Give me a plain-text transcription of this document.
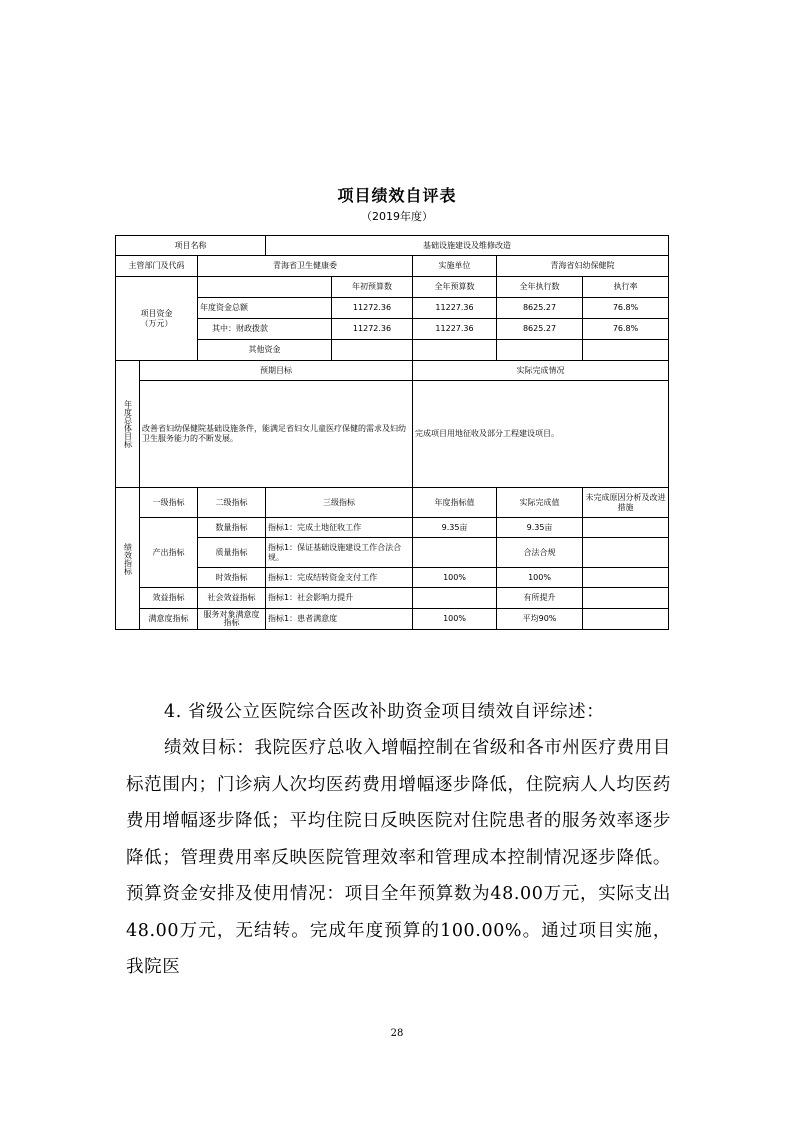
项目绩效自评表
（2019年度）
项目名称			基础设施建设及维修改造				
主管部门及代码		青海省卫生健康委			实施单位	青海省妇幼保健院	

项目资金
（万元）				年初预算数	全年预算数	全年执行数	执行率
		年度资金总额		11272.36	11227.36	8625.27	76.8%
		其中：财政拨款		11272.36	11227.36	8625.27	76.8%
		其他资金					

年度总体目标	预期目标				实际完成情况		
	改善省妇幼保健院基础设施条件，能满足省妇女儿童医疗保健的需求及妇幼卫生服务能力的不断发展。				完成项目用地征收及部分工程建设项目。		

绩效指标	一级指标	二级指标	三级指标		年度指标值	实际完成值	未完成原因分析及改进措施
	产出指标	数量指标	指标1：完成土地征收工作		9.35亩	9.35亩	
		质量指标	指标1：保证基础设施建设工作合法合规。			合法合规	
		时效指标	指标1：完成结转资金支付工作		100%	100%	
	效益指标	社会效益指标	指标1：社会影响力提升			有所提升	
	满意度指标	服务对象满意度指标	指标1：患者满意度		100%	平均90%	
4. 省级公立医院综合医改补助资金项目绩效自评综述：
绩效目标：我院医疗总收入增幅控制在省级和各市州医疗费用目标范围内；门诊病人次均医药费用增幅逐步降低，住院病人人均医药费用增幅逐步降低；平均住院日反映医院对住院患者的服务效率逐步降低；管理费用率反映医院管理效率和管理成本控制情况逐步降低。预算资金安排及使用情况：项目全年预算数为48.00万元，实际支出48.00万元，无结转。完成年度预算的100.00%。通过项目实施，我院医
28
